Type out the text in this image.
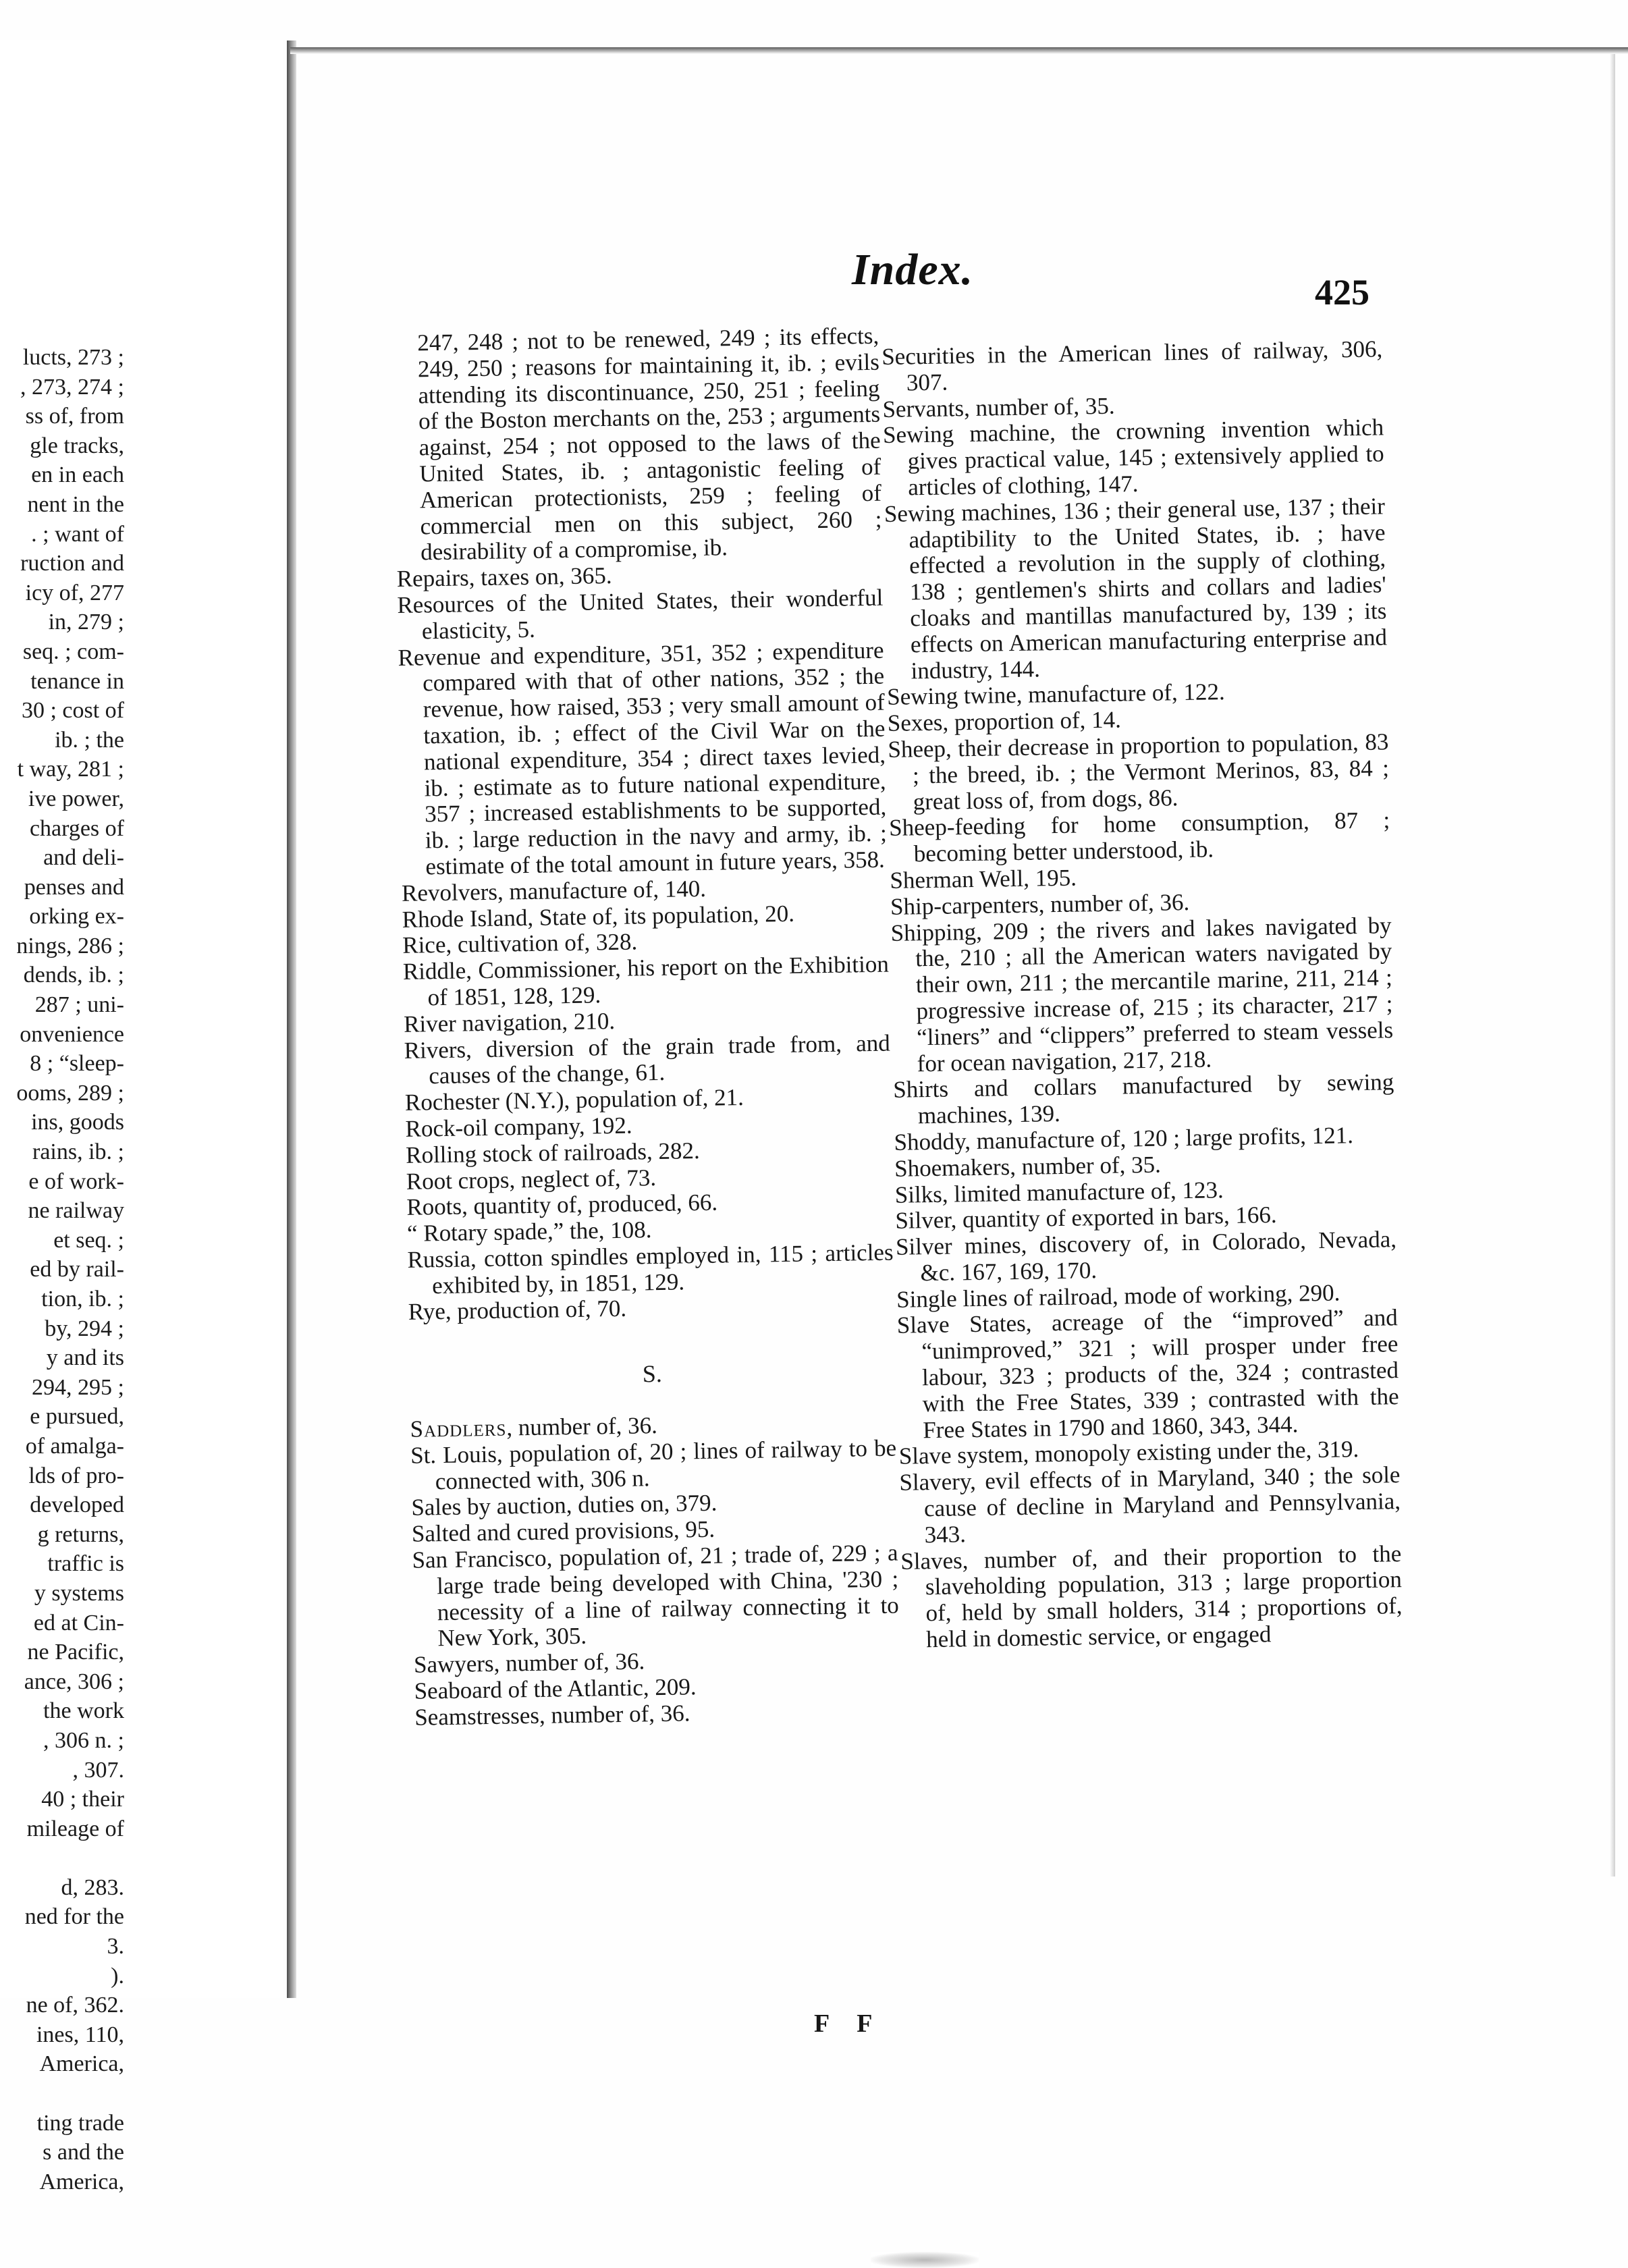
lucts, 273 ;
, 273, 274 ;
ss of, from
gle tracks,
en in each
nent in the
. ; want of
ruction and
icy of, 277
in, 279 ;
seq. ; com-
tenance in
30 ; cost of
ib. ; the
t way, 281 ;
ive power,
charges of
and deli-
penses and
orking ex-
nings, 286 ;
dends, ib. ;
287 ; uni-
onvenience
8 ; “sleep-
ooms, 289 ;
ins, goods
rains, ib. ;
e of work-
ne railway
et seq. ;
ed by rail-
tion, ib. ;
by, 294 ;
y and its
294, 295 ;
e pursued,
of amalga-
lds of pro-
developed
g returns,
traffic is
y systems
ed at Cin-
ne Pacific,
ance, 306 ;
the work
, 306 n. ;
, 307.
40 ; their
mileage of
d, 283.
ned for the
3.
).
ne of, 362.
ines, 110,
America,
ting trade
s and the
America,
Index.	425

247, 248 ; not to be renewed, 249 ; its effects, 249, 250 ; reasons for maintaining it, ib. ; evils attending its discontinuance, 250, 251 ; feeling of the Boston merchants on the, 253 ; arguments against, 254 ; not opposed to the laws of the United States, ib. ; antagonistic feeling of American protectionists, 259 ; feeling of commercial men on this subject, 260 ; desirability of a compromise, ib.

Repairs, taxes on, 365.

Resources of the United States, their wonderful elasticity, 5.

Revenue and expenditure, 351, 352 ; expenditure compared with that of other nations, 352 ; the revenue, how raised, 353 ; very small amount of taxation, ib. ; effect of the Civil War on the national expenditure, 354 ; direct taxes levied, ib. ; estimate as to future national expenditure, 357 ; increased establishments to be supported, ib. ; large reduction in the navy and army, ib. ; estimate of the total amount in future years, 358.

Revolvers, manufacture of, 140.

Rhode Island, State of, its population, 20.

Rice, cultivation of, 328.

Riddle, Commissioner, his report on the Exhibition of 1851, 128, 129.

River navigation, 210.

Rivers, diversion of the grain trade from, and causes of the change, 61.

Rochester (N.Y.), population of, 21.

Rock-oil company, 192.

Rolling stock of railroads, 282.

Root crops, neglect of, 73.

Roots, quantity of, produced, 66.

“ Rotary spade,” the, 108.

Russia, cotton spindles employed in, 115 ; articles exhibited by, in 1851, 129.

Rye, production of, 70.

S.

Saddlers, number of, 36.

St. Louis, population of, 20 ; lines of railway to be connected with, 306 n.

Sales by auction, duties on, 379.

Salted and cured provisions, 95.

San Francisco, population of, 21 ; trade of, 229 ; a large trade being developed with China, '230 ; necessity of a line of railway connecting it to New York, 305.

Sawyers, number of, 36.

Seaboard of the Atlantic, 209.

Seamstresses, number of, 36.

Securities in the American lines of railway, 306, 307.

Servants, number of, 35.

Sewing machine, the crowning invention which gives practical value, 145 ; extensively applied to articles of clothing, 147.

Sewing machines, 136 ; their general use, 137 ; their adaptibility to the United States, ib. ; have effected a revolution in the supply of clothing, 138 ; gentlemen's shirts and collars and ladies' cloaks and mantillas manufactured by, 139 ; its effects on American manufacturing enterprise and industry, 144.

Sewing twine, manufacture of, 122.

Sexes, proportion of, 14.

Sheep, their decrease in proportion to population, 83 ; the breed, ib. ; the Vermont Merinos, 83, 84 ; great loss of, from dogs, 86.

Sheep-feeding for home consumption, 87 ; becoming better understood, ib.

Sherman Well, 195.

Ship-carpenters, number of, 36.

Shipping, 209 ; the rivers and lakes navigated by the, 210 ; all the American waters navigated by their own, 211 ; the mercantile marine, 211, 214 ; progressive increase of, 215 ; its character, 217 ; “liners” and “clippers” preferred to steam vessels for ocean navigation, 217, 218.

Shirts and collars manufactured by sewing machines, 139.

Shoddy, manufacture of, 120 ; large profits, 121.

Shoemakers, number of, 35.

Silks, limited manufacture of, 123.

Silver, quantity of exported in bars, 166.

Silver mines, discovery of, in Colorado, Nevada, &c. 167, 169, 170.

Single lines of railroad, mode of working, 290.

Slave States, acreage of the “improved” and “unimproved,” 321 ; will prosper under free labour, 323 ; products of the, 324 ; contrasted with the Free States, 339 ; contrasted with the Free States in 1790 and 1860, 343, 344.

Slave system, monopoly existing under the, 319.

Slavery, evil effects of in Maryland, 340 ; the sole cause of decline in Maryland and Pennsylvania, 343.

Slaves, number of, and their proportion to the slaveholding population, 313 ; large proportion of, held by small holders, 314 ; proportions of, held in domestic service, or engaged

F F
